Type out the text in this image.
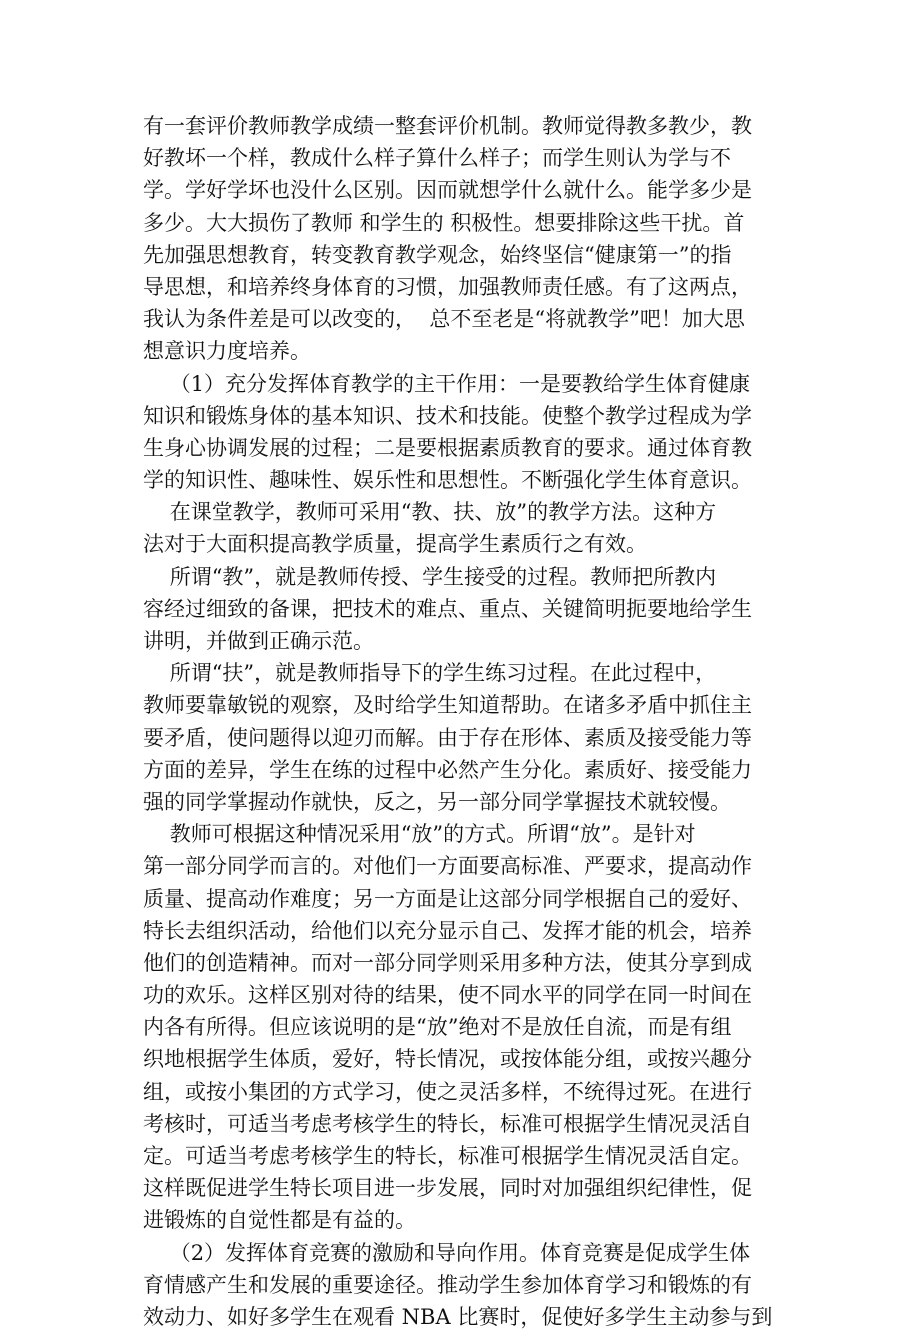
有一套评价教师教学成绩一整套评价机制。教师觉得教多教少，教
好教坏一个样，教成什么样子算什么样子；而学生则认为学与不
学。学好学坏也没什么区别。因而就想学什么就什么。能学多少是
多少。大大损伤了教师 和学生的 积极性。想要排除这些干扰。首
先加强思想教育，转变教育教学观念，始终坚信“健康第一”的指
导思想，和培养终身体育的习惯，加强教师责任感。有了这两点，
我认为条件差是可以改变的，  总不至老是“将就教学”吧！加大思
想意识力度培养。
（1）充分发挥体育教学的主干作用：一是要教给学生体育健康
知识和锻炼身体的基本知识、技术和技能。使整个教学过程成为学
生身心协调发展的过程；二是要根据素质教育的要求。通过体育教
学的知识性、趣味性、娱乐性和思想性。不断强化学生体育意识。
在课堂教学，教师可采用“教、扶、放”的教学方法。这种方
法对于大面积提高教学质量，提高学生素质行之有效。
所谓“教”，就是教师传授、学生接受的过程。教师把所教内
容经过细致的备课，把技术的难点、重点、关键简明扼要地给学生
讲明，并做到正确示范。
所谓“扶”，就是教师指导下的学生练习过程。在此过程中，
教师要靠敏锐的观察，及时给学生知道帮助。在诸多矛盾中抓住主
要矛盾，使问题得以迎刃而解。由于存在形体、素质及接受能力等
方面的差异，学生在练的过程中必然产生分化。素质好、接受能力
强的同学掌握动作就快，反之，另一部分同学掌握技术就较慢。
教师可根据这种情况采用“放”的方式。所谓“放”。是针对
第一部分同学而言的。对他们一方面要高标准、严要求，提高动作
质量、提高动作难度；另一方面是让这部分同学根据自己的爱好、
特长去组织活动，给他们以充分显示自己、发挥才能的机会，培养
他们的创造精神。而对一部分同学则采用多种方法，使其分享到成
功的欢乐。这样区别对待的结果，使不同水平的同学在同一时间在
内各有所得。但应该说明的是“放”绝对不是放任自流，而是有组
织地根据学生体质，爱好，特长情况，或按体能分组，或按兴趣分
组，或按小集团的方式学习，使之灵活多样，不统得过死。在进行
考核时，可适当考虑考核学生的特长，标准可根据学生情况灵活自
定。可适当考虑考核学生的特长，标准可根据学生情况灵活自定。
这样既促进学生特长项目进一步发展，同时对加强组织纪律性，促
进锻炼的自觉性都是有益的。
（2）发挥体育竞赛的激励和导向作用。体育竞赛是促成学生体
育情感产生和发展的重要途径。推动学生参加体育学习和锻炼的有
效动力、如好多学生在观看 NBA 比赛时，促使好多学生主动参与到
